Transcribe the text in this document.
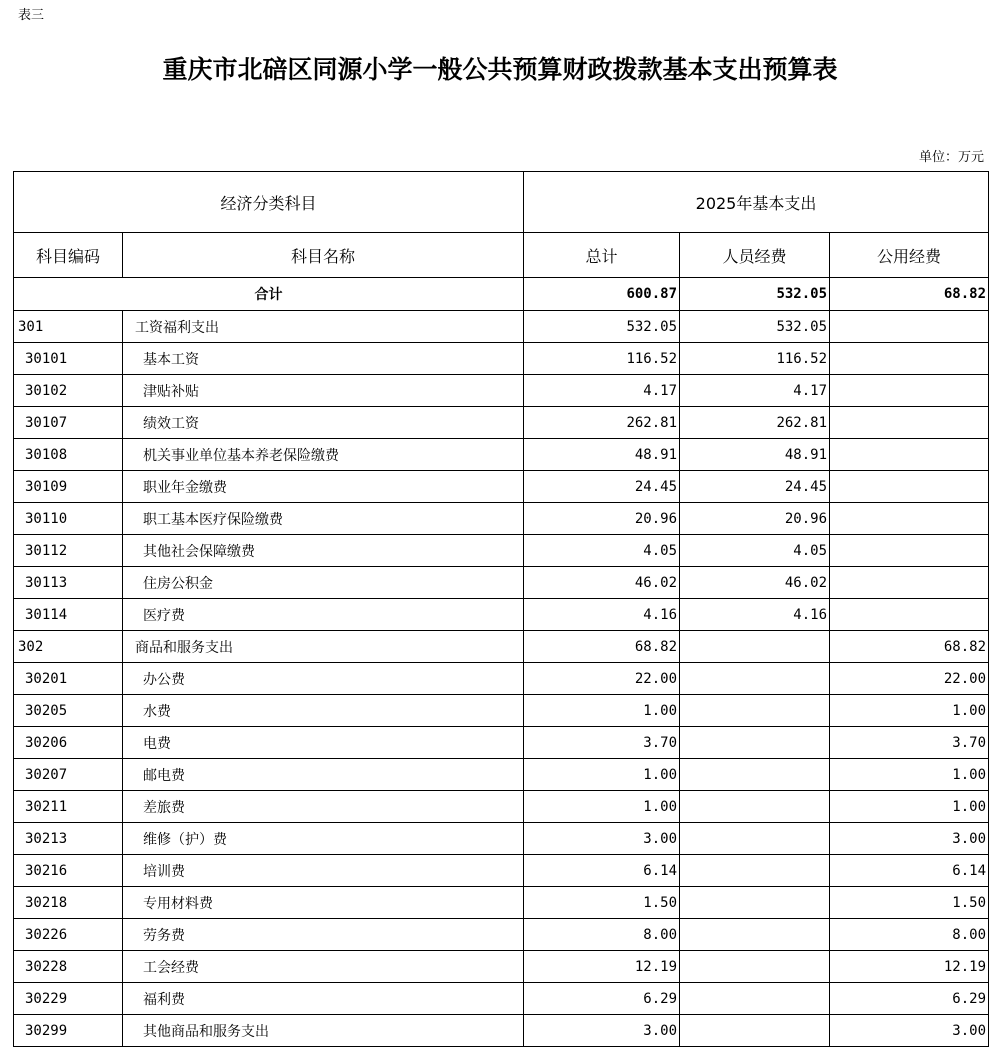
表三
重庆市北碚区同源小学一般公共预算财政拨款基本支出预算表
单位：万元
经济分类科目		2025年基本支出		
科目编码	科目名称	总计	人员经费	公用经费
合计		600.87	532.05	68.82
301	工资福利支出	532.05	532.05	
30101	基本工资	116.52	116.52	
30102	津贴补贴	4.17	4.17	
30107	绩效工资	262.81	262.81	
30108	机关事业单位基本养老保险缴费	48.91	48.91	
30109	职业年金缴费	24.45	24.45	
30110	职工基本医疗保险缴费	20.96	20.96	
30112	其他社会保障缴费	4.05	4.05	
30113	住房公积金	46.02	46.02	
30114	医疗费	4.16	4.16	
302	商品和服务支出	68.82		68.82
30201	办公费	22.00		22.00
30205	水费	1.00		1.00
30206	电费	3.70		3.70
30207	邮电费	1.00		1.00
30211	差旅费	1.00		1.00
30213	维修（护）费	3.00		3.00
30216	培训费	6.14		6.14
30218	专用材料费	1.50		1.50
30226	劳务费	8.00		8.00
30228	工会经费	12.19		12.19
30229	福利费	6.29		6.29
30299	其他商品和服务支出	3.00		3.00
